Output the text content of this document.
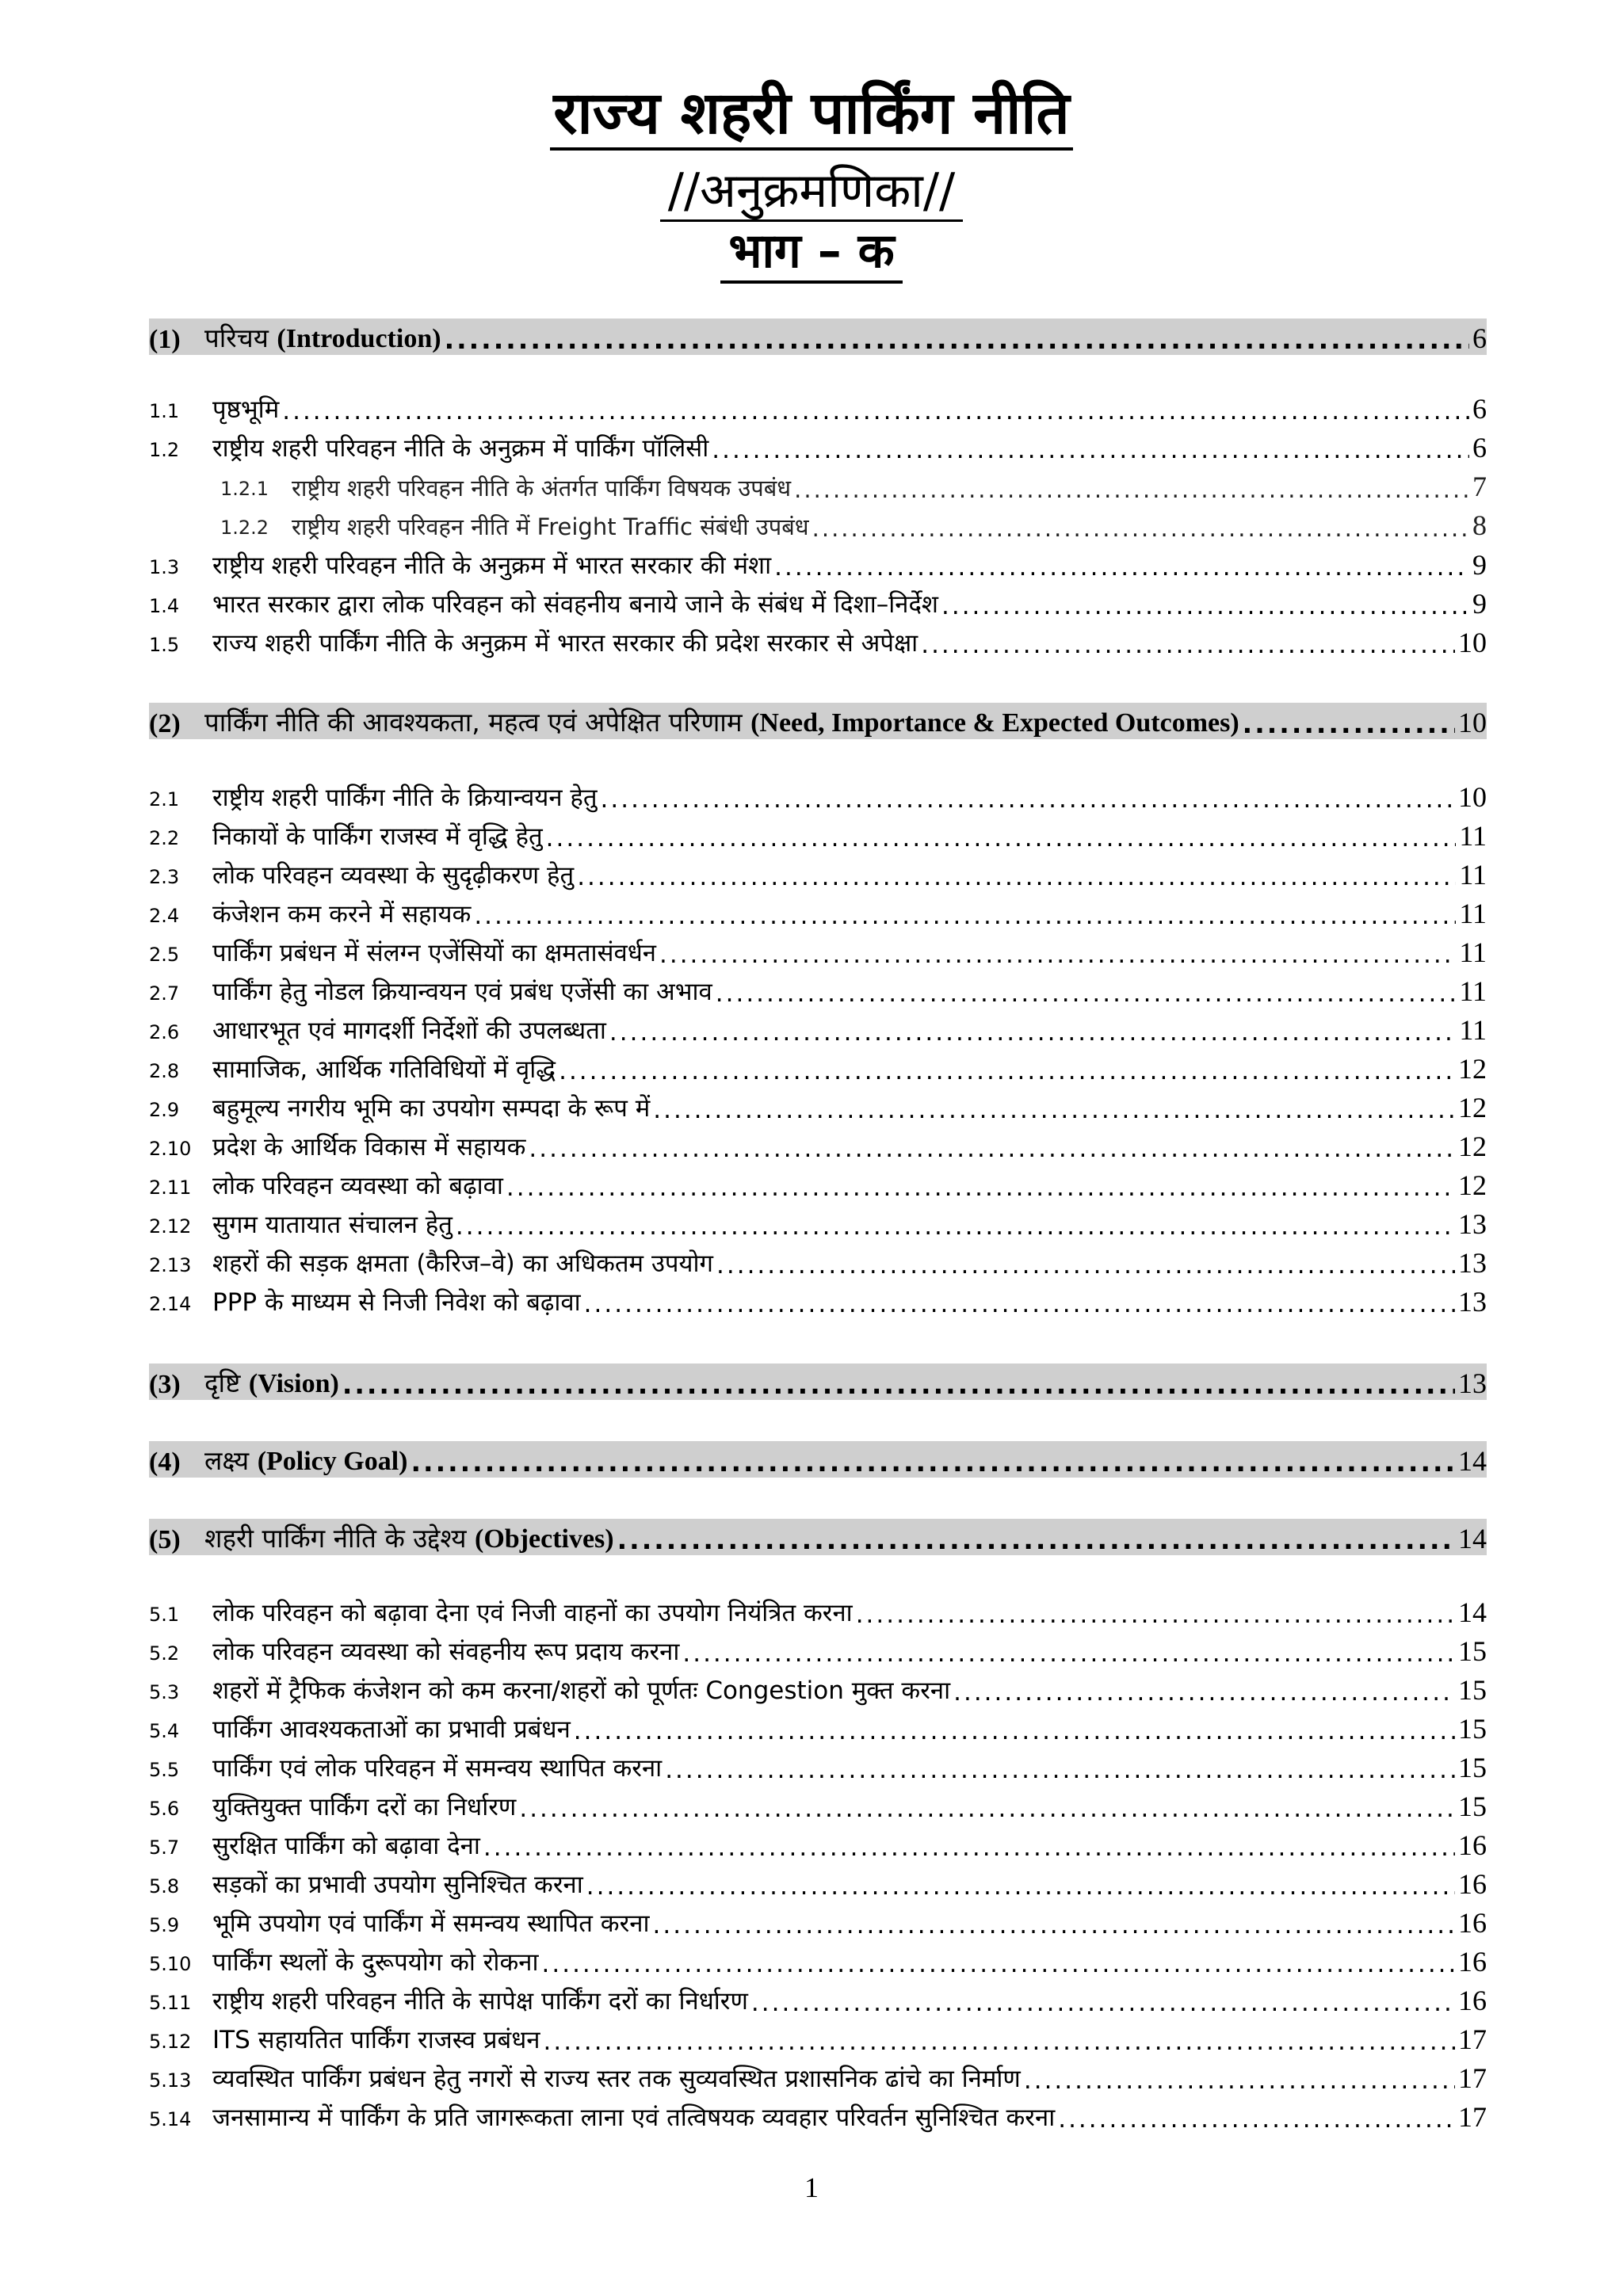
राज्य शहरी पार्किंग नीति
//अनुक्रमणिका//
भाग – क
(1) परिचय (Introduction) .....	6
1.1	पृष्ठभूमि .....	6
1.2	राष्ट्रीय शहरी परिवहन नीति के अनुक्रम में पार्किंग पॉलिसी .....	6
1.2.1 राष्ट्रीय शहरी परिवहन नीति के अंतर्गत पार्किंग विषयक उपबंध .....	7
1.2.2 राष्ट्रीय शहरी परिवहन नीति में Freight Traffic संबंधी उपबंध .....	8
1.3	राष्ट्रीय शहरी परिवहन नीति के अनुक्रम में भारत सरकार की मंशा .....	9
1.4	भारत सरकार द्वारा लोक परिवहन को संवहनीय बनाये जाने के संबंध में दिशा–निर्देश .....	9
1.5	राज्य शहरी पार्किंग नीति के अनुक्रम में भारत सरकार की प्रदेश सरकार से अपेक्षा .....	10
(2) पार्किंग नीति की आवश्यकता, महत्व एवं अपेक्षित परिणाम (Need, Importance & Expected Outcomes) .....	10
2.1	राष्ट्रीय शहरी पार्किंग नीति के क्रियान्वयन हेतु .....	10
2.2	निकायों के पार्किंग राजस्व में वृद्धि हेतु .....	11
2.3	लोक परिवहन व्यवस्था के सुदृढ़ीकरण हेतु .....	11
2.4	कंजेशन कम करने में सहायक .....	11
2.5	पार्किंग प्रबंधन में संलग्न एजेंसियों का क्षमतासंवर्धन .....	11
2.7	पार्किंग हेतु नोडल क्रियान्वयन एवं प्रबंध एजेंसी का अभाव .....	11
2.6	आधारभूत एवं मागदर्शी निर्देशों की उपलब्धता .....	11
2.8	सामाजिक, आर्थिक गतिविधियों में वृद्धि .....	12
2.9	बहुमूल्य नगरीय भूमि का उपयोग सम्पदा के रूप में .....	12
2.10 प्रदेश के आर्थिक विकास में सहायक .....	12
2.11 लोक परिवहन व्यवस्था को बढ़ावा .....	12
2.12 सुगम यातायात संचालन हेतु .....	13
2.13 शहरों की सड़क क्षमता (कैरिज–वे) का अधिकतम उपयोग .....	13
2.14 PPP के माध्यम से निजी निवेश को बढ़ावा .....	13
(3) दृष्टि (Vision) .....	13
(4) लक्ष्य (Policy Goal) .....	14
(5) शहरी पार्किंग नीति के उद्देश्य (Objectives) .....	14
5.1	लोक परिवहन को बढ़ावा देना एवं निजी वाहनों का उपयोग नियंत्रित करना .....	14
5.2	लोक परिवहन व्यवस्था को संवहनीय रूप प्रदाय करना .....	15
5.3	शहरों में ट्रैफिक कंजेशन को कम करना/शहरों को पूर्णतः Congestion मुक्त करना .....	15
5.4	पार्किंग आवश्यकताओं का प्रभावी प्रबंधन .....	15
5.5	पार्किंग एवं लोक परिवहन में समन्वय स्थापित करना .....	15
5.6	युक्तियुक्त पार्किंग दरों का निर्धारण .....	15
5.7	सुरक्षित पार्किंग को बढ़ावा देना .....	16
5.8	सड़कों का प्रभावी उपयोग सुनिश्चित करना .....	16
5.9	भूमि उपयोग एवं पार्किंग में समन्वय स्थापित करना .....	16
5.10 पार्किंग स्थलों के दुरूपयोग को रोकना .....	16
5.11 राष्ट्रीय शहरी परिवहन नीति के सापेक्ष पार्किंग दरों का निर्धारण .....	16
5.12 ITS सहायतित पार्किंग राजस्व प्रबंधन .....	17
5.13 व्यवस्थित पार्किंग प्रबंधन हेतु नगरों से राज्य स्तर तक सुव्यवस्थित प्रशासनिक ढांचे का निर्माण .....	17
5.14 जनसामान्य में पार्किंग के प्रति जागरूकता लाना एवं तत्विषयक व्यवहार परिवर्तन सुनिश्चित करना .....	17
1
